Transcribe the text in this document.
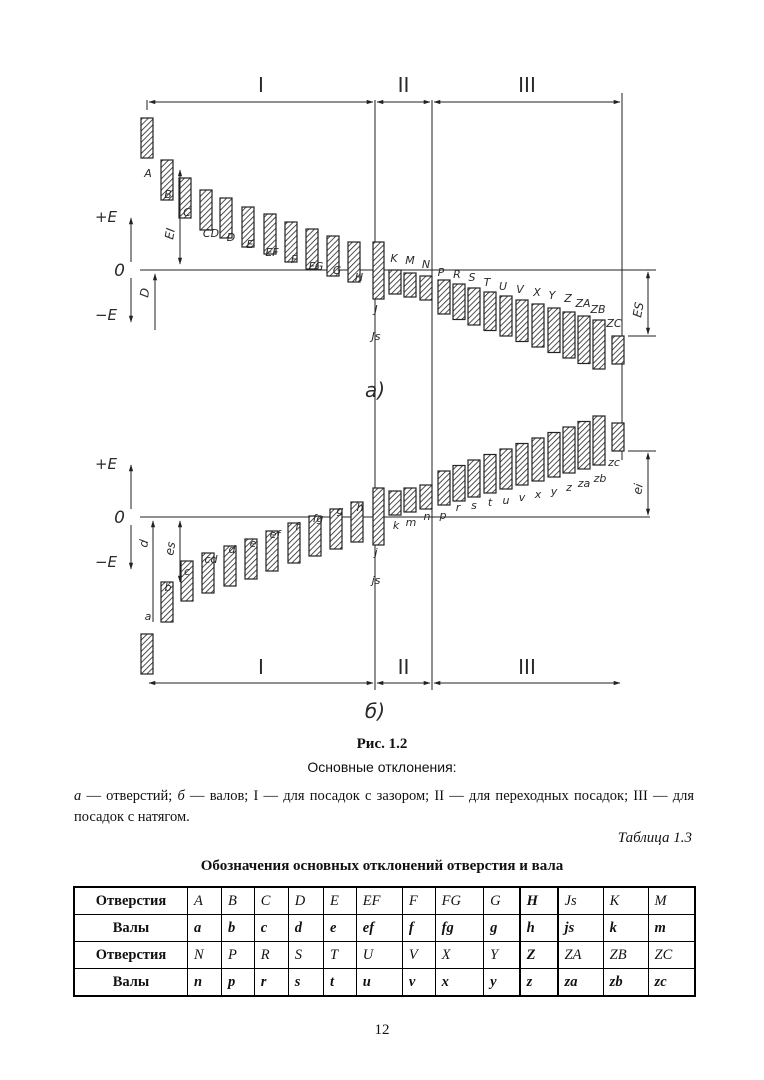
I
I
II
II
III
III
+E
0
−E
+E
0
−E
A
B
C
CD D
E
EF
F
FG G
H
J
Js
K M N
P R S T U V X Y Z ZA ZB
ZC
EI
D
ES
а)
a
b
c
cd
d e
ef
f
fg
g h
j
js
k m n p
r s t u v x y z za zb
zc
d es
ei
б)
Рис. 1.2
Основные отклонения:
а — отверстий; б — валов; I — для посадок с зазором; II — для переходных посадок; III — для посадок с натягом.
Таблица 1.3
Обозначения основных отклонений отверстия и вала
Отверстия	A	B	C	D	E	EF	F	FG	G	H	Js	K	M
Валы	a	b	c	d	e	ef	f	fg	g	h	js	k	m
Отверстия	N	P	R	S	T	U	V	X	Y	Z	ZA	ZB	ZC
Валы	n	p	r	s	t	u	v	x	y	z	za	zb	zc
12
